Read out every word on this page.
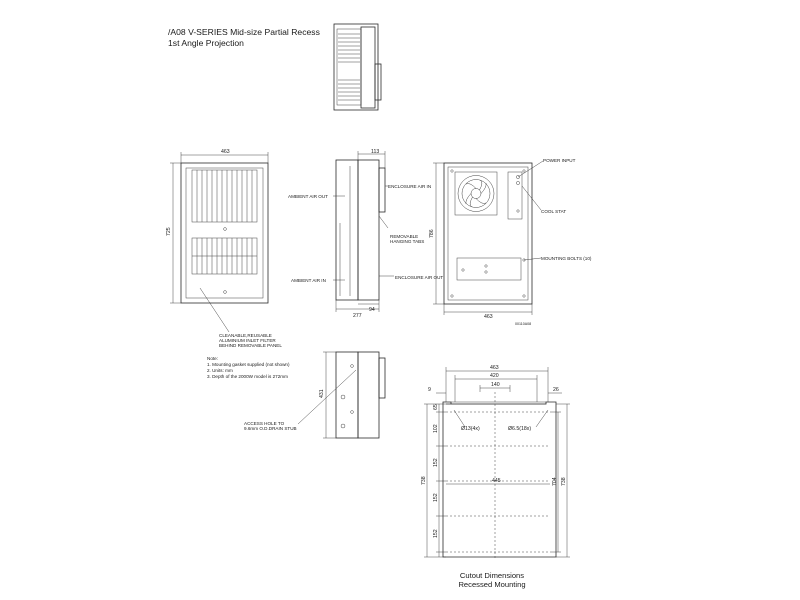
/A08 V-SERIES Mid-size Partial Recess
1st Angle Projection
463
725
CLEANABLE,REUSABLE
ALUMINIUM INLET FILTER
BEHIND REMOVABLE PANEL
113
277
94
AMBIENT AIR OUT
AMBIENT AIR IN
ENCLOSURE AIR IN
REMOVABLE
HANGING TABS
ENCLOSURE AIR OUT
786
463
00110A08
POWER INPUT
COOL STAT
MOUNTING BOLTS (10)
Note:
1. Mounting gasket supplied (not shown)
2. Units: mm
3. Depth of the 2000W model is 272mm
431
ACCESS HOLE TO
9.6mm O.D.DRAIN STUB
463
420
140
9	26
65
102
152
152
152
738	445	704 738
Ø13(4x)	Ø6.5(18x)
Cutout Dimensions
Recessed Mounting
